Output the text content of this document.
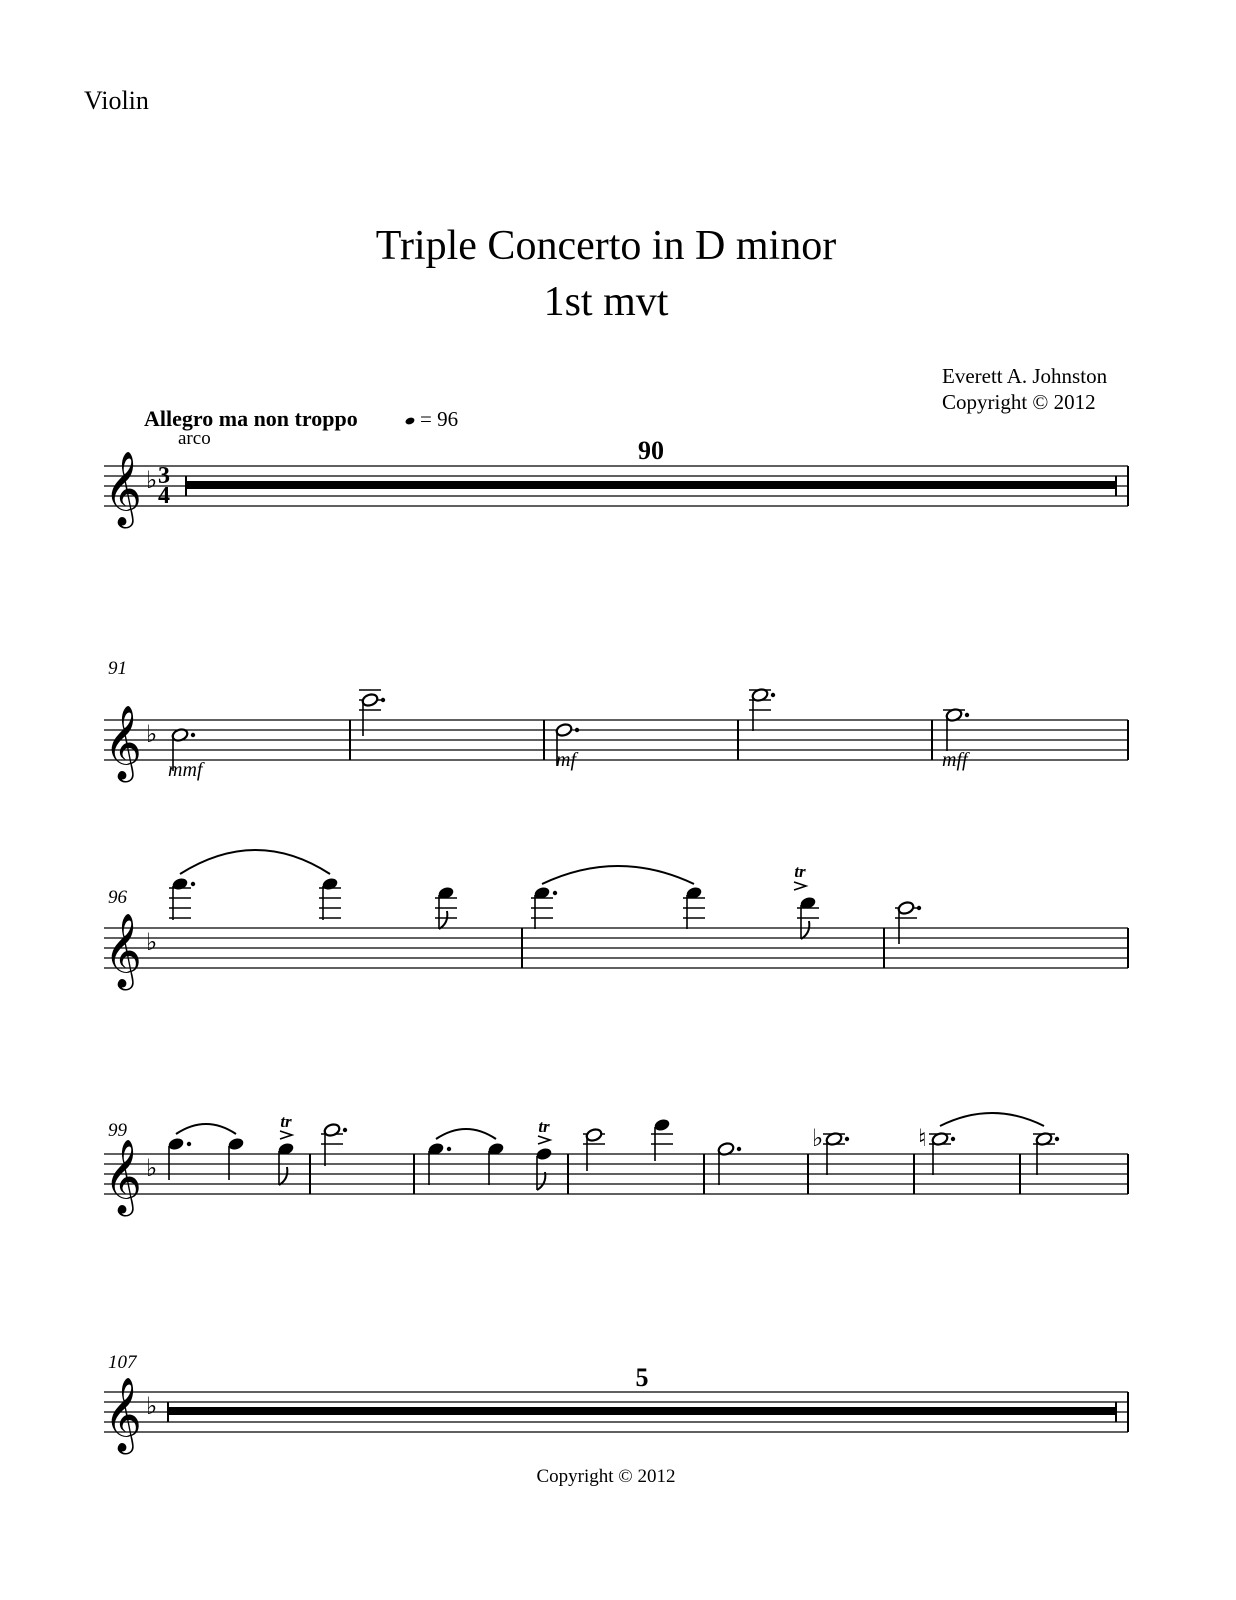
Violin
Triple Concerto in D minor
1st mvt
Everett A. Johnston
Copyright © 2012
Allegro ma non troppo	= 96
arco
𝄞 ♭ 3
4
90
91
𝄞 ♭
mmf	mf	mff
96
𝄞 ♭
tr
99
𝄞 ♭
tr	tr	♭	♮
107
𝄞 ♭
5
Copyright © 2012
